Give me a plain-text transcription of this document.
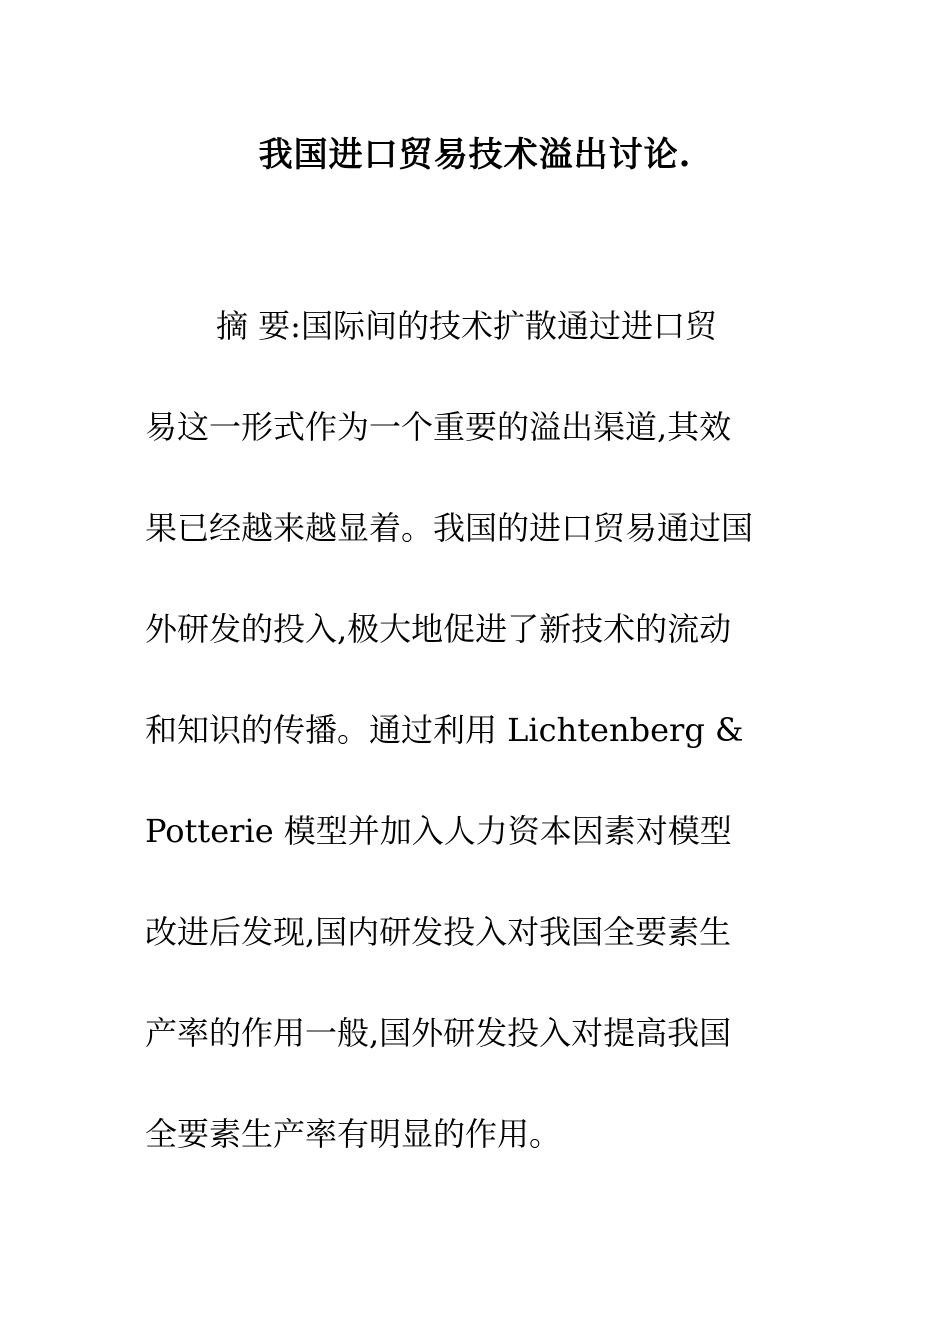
我国进口贸易技术溢出讨论.
摘 要:国际间的技术扩散通过进口贸
易这一形式作为一个重要的溢出渠道,其效
果已经越来越显着。我国的进口贸易通过国
外研发的投入,极大地促进了新技术的流动
和知识的传播。通过利用 Lichtenberg &
Potterie 模型并加入人力资本因素对模型
改进后发现,国内研发投入对我国全要素生
产率的作用一般,国外研发投入对提高我国
全要素生产率有明显的作用。
